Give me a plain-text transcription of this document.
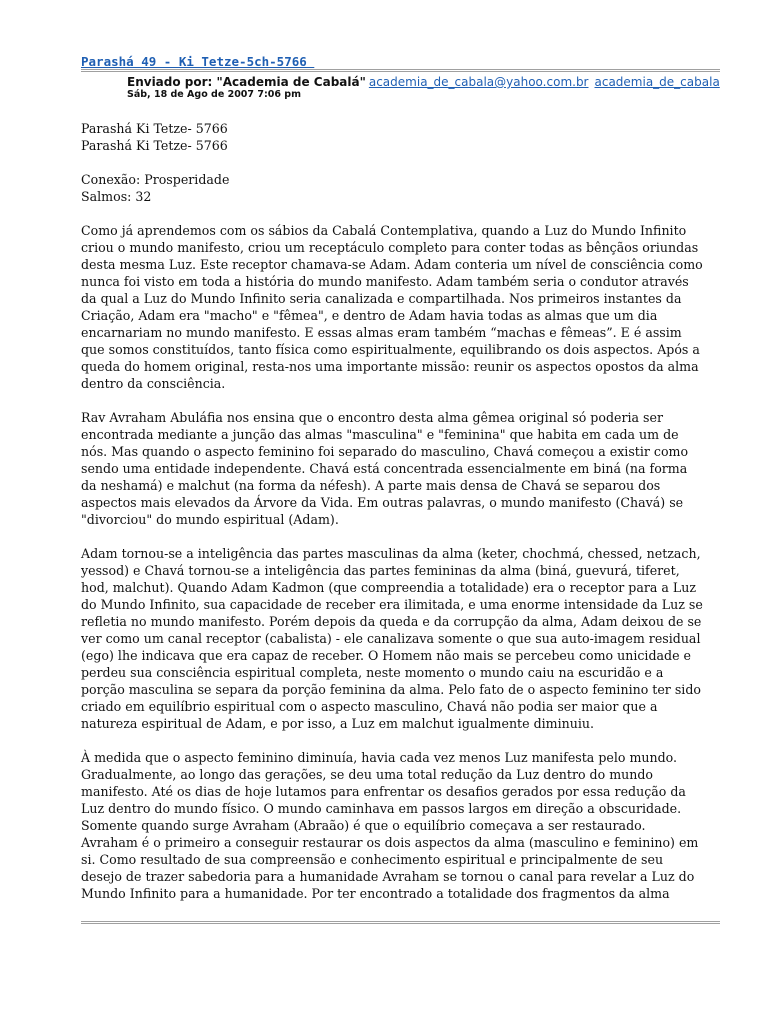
Parashá 49 - Ki Tetze-5ch-5766
Enviado por: "Academia de Cabalá" academia_de_cabala@yahoo.com.br academia_de_cabala
Sáb, 18 de Ago de 2007 7:06 pm

Parashá Ki Tetze- 5766
Parashá Ki Tetze- 5766

Conexão: Prosperidade
Salmos: 32

Como já aprendemos com os sábios da Cabalá Contemplativa, quando a Luz do Mundo Infinito
criou o mundo manifesto, criou um receptáculo completo para conter todas as bênçãos oriundas
desta mesma Luz. Este receptor chamava-se Adam. Adam conteria um nível de consciência como
nunca foi visto em toda a história do mundo manifesto. Adam também seria o condutor através
da qual a Luz do Mundo Infinito seria canalizada e compartilhada. Nos primeiros instantes da
Criação, Adam era "macho" e "fêmea", e dentro de Adam havia todas as almas que um dia
encarnariam no mundo manifesto. E essas almas eram também “machas e fêmeas”. E é assim
que somos constituídos, tanto física como espiritualmente, equilibrando os dois aspectos. Após a
queda do homem original, resta-nos uma importante missão: reunir os aspectos opostos da alma
dentro da consciência.

Rav Avraham Abuláfia nos ensina que o encontro desta alma gêmea original só poderia ser
encontrada mediante a junção das almas "masculina" e "feminina" que habita em cada um de
nós. Mas quando o aspecto feminino foi separado do masculino, Chavá começou a existir como
sendo uma entidade independente. Chavá está concentrada essencialmente em biná (na forma
da neshamá) e malchut (na forma da néfesh). A parte mais densa de Chavá se separou dos
aspectos mais elevados da Árvore da Vida. Em outras palavras, o mundo manifesto (Chavá) se
"divorciou" do mundo espiritual (Adam).

Adam tornou-se a inteligência das partes masculinas da alma (keter, chochmá, chessed, netzach,
yessod) e Chavá tornou-se a inteligência das partes femininas da alma (biná, guevurá, tiferet,
hod, malchut). Quando Adam Kadmon (que compreendia a totalidade) era o receptor para a Luz
do Mundo Infinito, sua capacidade de receber era ilimitada, e uma enorme intensidade da Luz se
refletia no mundo manifesto. Porém depois da queda e da corrupção da alma, Adam deixou de se
ver como um canal receptor (cabalista) - ele canalizava somente o que sua auto-imagem residual
(ego) lhe indicava que era capaz de receber. O Homem não mais se percebeu como unicidade e
perdeu sua consciência espiritual completa, neste momento o mundo caiu na escuridão e a
porção masculina se separa da porção feminina da alma. Pelo fato de o aspecto feminino ter sido
criado em equilíbrio espiritual com o aspecto masculino, Chavá não podia ser maior que a
natureza espiritual de Adam, e por isso, a Luz em malchut igualmente diminuiu.

À medida que o aspecto feminino diminuía, havia cada vez menos Luz manifesta pelo mundo.
Gradualmente, ao longo das gerações, se deu uma total redução da Luz dentro do mundo
manifesto. Até os dias de hoje lutamos para enfrentar os desafios gerados por essa redução da
Luz dentro do mundo físico. O mundo caminhava em passos largos em direção a obscuridade.
Somente quando surge Avraham (Abraão) é que o equilíbrio começava a ser restaurado.
Avraham é o primeiro a conseguir restaurar os dois aspectos da alma (masculino e feminino) em
si. Como resultado de sua compreensão e conhecimento espiritual e principalmente de seu
desejo de trazer sabedoria para a humanidade Avraham se tornou o canal para revelar a Luz do
Mundo Infinito para a humanidade. Por ter encontrado a totalidade dos fragmentos da alma
